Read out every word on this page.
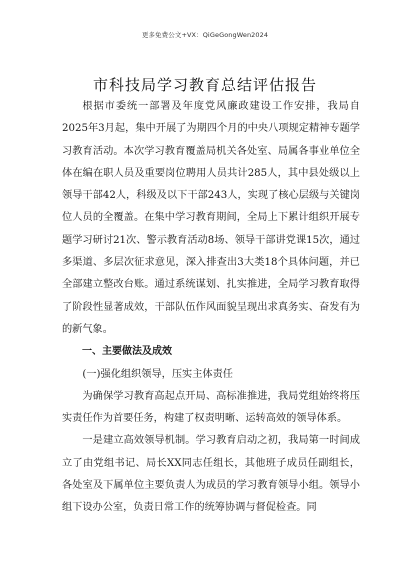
更多免费公文+VX：QiGeGongWen2024
市科技局学习教育总结评估报告

根据市委统一部署及年度党风廉政建设工作安排，我局自2025年3月起，集中开展了为期四个月的中央八项规定精神专题学习教育活动。本次学习教育覆盖局机关各处室、局属各事业单位全体在编在职人员及重要岗位聘用人员共计285人，其中县处级以上领导干部42人，科级及以下干部243人，实现了核心层级与关键岗位人员的全覆盖。在集中学习教育期间，全局上下累计组织开展专题学习研讨21次、警示教育活动8场、领导干部讲党课15次，通过多渠道、多层次征求意见，深入排查出3大类18个具体问题，并已全部建立整改台账。通过系统谋划、扎实推进，全局学习教育取得了阶段性显著成效，干部队伍作风面貌呈现出求真务实、奋发有为的新气象。

一、主要做法及成效

(一)强化组织领导，压实主体责任

为确保学习教育高起点开局、高标准推进，我局党组始终将压实责任作为首要任务，构建了权责明晰、运转高效的领导体系。

一是建立高效领导机制。学习教育启动之初，我局第一时间成立了由党组书记、局长XX同志任组长，其他班子成员任副组长，各处室及下属单位主要负责人为成员的学习教育领导小组。领导小组下设办公室，负责日常工作的统筹协调与督促检查。同
